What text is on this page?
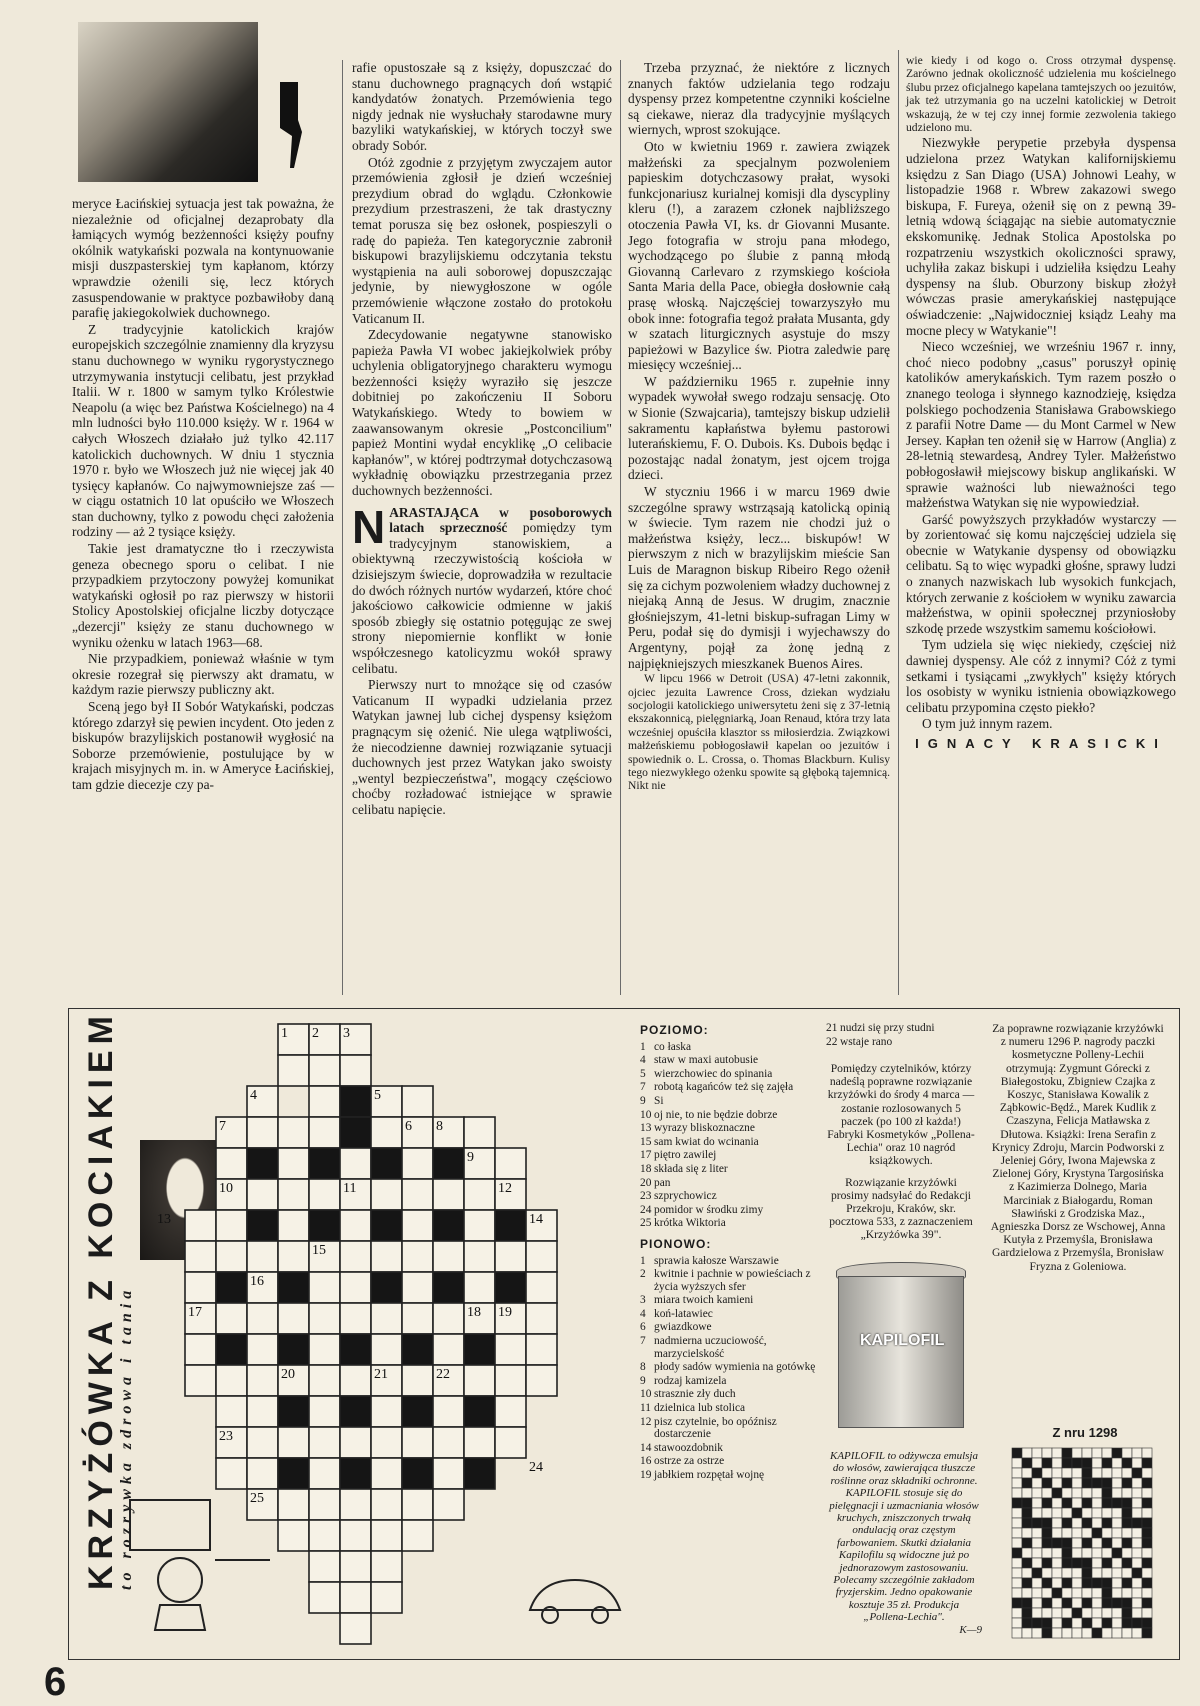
meryce Łacińskiej sytuacja jest tak poważna, że niezależnie od oficjalnej dezaprobaty dla łamiących wymóg bezżenności księży poufny okólnik watykański pozwala na kontynuowanie misji duszpasterskiej tym kapłanom, którzy wprawdzie ożenili się, lecz których zasuspendowanie w praktyce pozbawiłoby daną parafię jakiegokolwiek duchownego.

Z tradycyjnie katolickich krajów europejskich szczególnie znamienny dla kryzysu stanu duchownego w wyniku rygorystycznego utrzymywania instytucji celibatu, jest przykład Italii. W r. 1800 w samym tylko Królestwie Neapolu (a więc bez Państwa Kościelnego) na 4 mln ludności było 110.000 księży. W r. 1964 w całych Włoszech działało już tylko 42.117 katolickich duchownych. W dniu 1 stycznia 1970 r. było we Włoszech już nie więcej jak 40 tysięcy kapłanów. Co najwymowniejsze zaś — w ciągu ostatnich 10 lat opuściło we Włoszech stan duchowny, tylko z powodu chęci założenia rodziny — aż 2 tysiące księży.

Takie jest dramatyczne tło i rzeczywista geneza obecnego sporu o celibat. I nie przypadkiem przytoczony powyżej komunikat watykański ogłosił po raz pierwszy w historii Stolicy Apostolskiej oficjalne liczby dotyczące „dezercji" księży ze stanu duchownego w wyniku ożenku w latach 1963—68.

Nie przypadkiem, ponieważ właśnie w tym okresie rozegrał się pierwszy akt dramatu, w każdym razie pierwszy publiczny akt.

Sceną jego był II Sobór Watykański, podczas którego zdarzył się pewien incydent. Oto jeden z biskupów brazylijskich postanowił wygłosić na Soborze przemówienie, postulujące by w krajach misyjnych m. in. w Ameryce Łacińskiej, tam gdzie diecezje czy pa-

rafie opustoszałe są z księży, dopuszczać do stanu duchownego pragnących doń wstąpić kandydatów żonatych. Przemówienia tego nigdy jednak nie wysłuchały starodawne mury bazyliki watykańskiej, w których toczył swe obrady Sobór.

Otóż zgodnie z przyjętym zwyczajem autor przemówienia zgłosił je dzień wcześniej prezydium obrad do wglądu. Członkowie prezydium przestraszeni, że tak drastyczny temat porusza się bez osłonek, pospieszyli o radę do papieża. Ten kategorycznie zabronił biskupowi brazylijskiemu odczytania tekstu wystąpienia na auli soborowej dopuszczając jedynie, by niewygłoszone w ogóle przemówienie włączone zostało do protokołu Vaticanum II.

Zdecydowanie negatywne stanowisko papieża Pawła VI wobec jakiejkolwiek próby uchylenia obligatoryjnego charakteru wymogu bezżenności księży wyraziło się jeszcze dobitniej po zakończeniu II Soboru Watykańskiego. Wtedy to bowiem w zaawansowanym okresie „Postconcilium" papież Montini wydał encyklikę „O celibacie kapłanów", w której podtrzymał dotychczasową wykładnię obowiązku przestrzegania przez duchownych bezżenności.

NARASTAJĄCA w posoborowych latach sprzeczność pomiędzy tym tradycyjnym stanowiskiem, a obiektywną rzeczywistością kościoła w dzisiejszym świecie, doprowadziła w rezultacie do dwóch różnych nurtów wydarzeń, które choć jakościowo całkowicie odmienne w jakiś sposób zbiegły się ostatnio potęgując ze swej strony niepomiernie konflikt w łonie współczesnego katolicyzmu wokół sprawy celibatu.

Pierwszy nurt to mnożące się od czasów Vaticanum II wypadki udzielania przez Watykan jawnej lub cichej dyspensy księżom pragnącym się ożenić. Nie ulega wątpliwości, że niecodzienne dawniej rozwiązanie sytuacji duchownych jest przez Watykan jako swoisty „wentyl bezpieczeństwa", mogący częściowo choćby rozładować istniejące w sprawie celibatu napięcie.

Trzeba przyznać, że niektóre z licznych znanych faktów udzielania tego rodzaju dyspensy przez kompetentne czynniki kościelne są ciekawe, nieraz dla tradycyjnie myślących wiernych, wprost szokujące.

Oto w kwietniu 1969 r. zawiera związek małżeński za specjalnym pozwoleniem papieskim dotychczasowy prałat, wysoki funkcjonariusz kurialnej komisji dla dyscypliny kleru (!), a zarazem członek najbliższego otoczenia Pawła VI, ks. dr Giovanni Musante. Jego fotografia w stroju pana młodego, wychodzącego po ślubie z panną młodą Giovanną Carlevaro z rzymskiego kościoła Santa Maria della Pace, obiegła dosłownie całą prasę włoską. Najczęściej towarzyszyło mu obok inne: fotografia tegoż prałata Musanta, gdy w szatach liturgicznych asystuje do mszy papieżowi w Bazylice św. Piotra zaledwie parę miesięcy wcześniej...

W październiku 1965 r. zupełnie inny wypadek wywołał swego rodzaju sensację. Oto w Sionie (Szwajcaria), tamtejszy biskup udzielił sakramentu kapłaństwa byłemu pastorowi luterańskiemu, F. O. Dubois. Ks. Dubois będąc i pozostając nadal żonatym, jest ojcem trojga dzieci.

W styczniu 1966 i w marcu 1969 dwie szczególne sprawy wstrząsają katolicką opinią w świecie. Tym razem nie chodzi już o małżeństwa księży, lecz... biskupów! W pierwszym z nich w brazylijskim mieście San Luis de Maragnon biskup Ribeiro Rego ożenił się za cichym pozwoleniem władzy duchownej z niejaką Anną de Jesus. W drugim, znacznie głośniejszym, 41-letni biskup-sufragan Limy w Peru, podał się do dymisji i wyjechawszy do Argentyny, pojął za żonę jedną z najpiękniejszych mieszkanek Buenos Aires.

W lipcu 1966 w Detroit (USA) 47-letni zakonnik, ojciec jezuita Lawrence Cross, dziekan wydziału socjologii katolickiego uniwersytetu żeni się z 37-letnią ekszakonnicą, pielęgniarką, Joan Renaud, która trzy lata wcześniej opuściła klasztor ss miłosierdzia. Związkowi małżeńskiemu pobłogosławił kapelan oo jezuitów i spowiednik o. L. Crossa, o. Thomas Blackburn. Kulisy tego niezwykłego ożenku spowite są głęboką tajemnicą. Nikt nie

wie kiedy i od kogo o. Cross otrzymał dyspensę. Zarówno jednak okoliczność udzielenia mu kościelnego ślubu przez oficjalnego kapelana tamtejszych oo jezuitów, jak też utrzymania go na uczelni katolickiej w Detroit wskazują, że w tej czy innej formie zezwolenia takiego udzielono mu.

Niezwykłe perypetie przebyła dyspensa udzielona przez Watykan kalifornijskiemu księdzu z San Diago (USA) Johnowi Leahy, w listopadzie 1968 r. Wbrew zakazowi swego biskupa, F. Fureya, ożenił się on z pewną 39-letnią wdową ściągając na siebie automatycznie ekskomunikę. Jednak Stolica Apostolska po rozpatrzeniu wszystkich okoliczności sprawy, uchyliła zakaz biskupi i udzieliła księdzu Leahy dyspensy na ślub. Oburzony biskup złożył wówczas prasie amerykańskiej następujące oświadczenie: „Najwidoczniej ksiądz Leahy ma mocne plecy w Watykanie"!

Nieco wcześniej, we wrześniu 1967 r. inny, choć nieco podobny „casus" poruszył opinię katolików amerykańskich. Tym razem poszło o znanego teologa i słynnego kaznodzieję, księdza polskiego pochodzenia Stanisława Grabowskiego z parafii Notre Dame — du Mont Carmel w New Jersey. Kapłan ten ożenił się w Harrow (Anglia) z 28-letnią stewardesą, Andrey Tyler. Małżeństwo pobłogosławił miejscowy biskup anglikański. W sprawie ważności lub nieważności tego małżeństwa Watykan się nie wypowiedział.

Garść powyższych przykładów wystarczy — by zorientować się komu najczęściej udziela się obecnie w Watykanie dyspensy od obowiązku celibatu. Są to więc wypadki głośne, sprawy ludzi o znanych nazwiskach lub wysokich funkcjach, których zerwanie z kościołem w wyniku zawarcia małżeństwa, w opinii społecznej przyniosłoby szkodę przede wszystkim samemu kościołowi.

Tym udziela się więc niekiedy, częściej niż dawniej dyspensy. Ale cóż z innymi? Cóż z tymi setkami i tysiącami „zwykłych" księży których los osobisty w wyniku istnienia obowiązkowego celibatu przypomina często piekło?

O tym już innym razem.

IGNACY KRASICKI
KRZYŻÓWKA Z KOCIAKIEM
to rozrywka zdrowa i tania
1 2 3
4	5
6
7	8
9
10	11	12
13	14
15
16
17	18 19
20	21	22
23
24
25
POZIOMO:
1 co łaska
4 staw w maxi autobusie
5 wierzchowiec do spinania
7 robotą kagańców też się zajęła
9 Si
10 oj nie, to nie będzie dobrze
13 wyrazy bliskoznaczne
15 sam kwiat do wcinania
17 piętro zawilej
18 składa się z liter
20 pan
23 szprychowicz
24 pomidor w środku zimy
25 krótka Wiktoria
PIONOWO:
1 sprawia kałosze Warszawie
2 kwitnie i pachnie w powieściach z życia wyższych sfer
3 miara twoich kamieni
4 koń-latawiec
6 gwiazdkowe
7 nadmierna uczuciowość, marzycielskość
8 płody sadów wymienia na gotówkę
9 rodzaj kamizela
10 strasznie zły duch
11 dzielnica lub stolica
12 pisz czytelnie, bo opóźnisz dostarczenie
14 stawoozdobnik
16 ostrze za ostrze
19 jabłkiem rozpętał wojnę
21 nudzi się przy studni
22 wstaje rano
Pomiędzy czytelników, którzy nadeślą poprawne rozwiązanie krzyżówki do środy 4 marca — zostanie rozlosowanych 5 paczek (po 100 zł każda!) Fabryki Kosmetyków „Pollena-Lechia" oraz 10 nagród książkowych.
Rozwiązanie krzyżówki prosimy nadsyłać do Redakcji Przekroju, Kraków, skr. pocztowa 533, z zaznaczeniem „Krzyżówka 39".
KAPILOFIL
KAPILOFIL to odżywcza emulsja do włosów, zawierająca tłuszcze roślinne oraz składniki ochronne. KAPILOFIL stosuje się do pielęgnacji i uzmacniania włosów kruchych, zniszczonych trwałą ondulacją oraz częstym farbowaniem. Skutki działania Kapilofilu są widoczne już po jednorazowym zastosowaniu. Polecamy szczególnie zakładom fryzjerskim. Jedno opakowanie kosztuje 35 zł. Produkcja „Pollena-Lechia".
K—9
Za poprawne rozwiązanie krzyżówki z numeru 1296 P. nagrody paczki kosmetyczne Polleny-Lechii otrzymują: Zygmunt Górecki z Białegostoku, Zbigniew Czajka z Koszyc, Stanisława Kowalik z Ząbkowic-Będź., Marek Kudlik z Czaszyna, Felicja Matławska z Dłutowa. Książki: Irena Serafin z Krynicy Zdroju, Marcin Podworski z Jeleniej Góry, Iwona Majewska z Zielonej Góry, Krystyna Targosińska z Kazimierza Dolnego, Maria Marciniak z Białogardu, Roman Sławiński z Grodziska Maz., Agnieszka Dorsz ze Wschowej, Anna Kutyła z Przemyśla, Bronisława Gardzielowa z Przemyśla, Bronisław Fryzna z Goleniowa.
Z nru 1298
6
